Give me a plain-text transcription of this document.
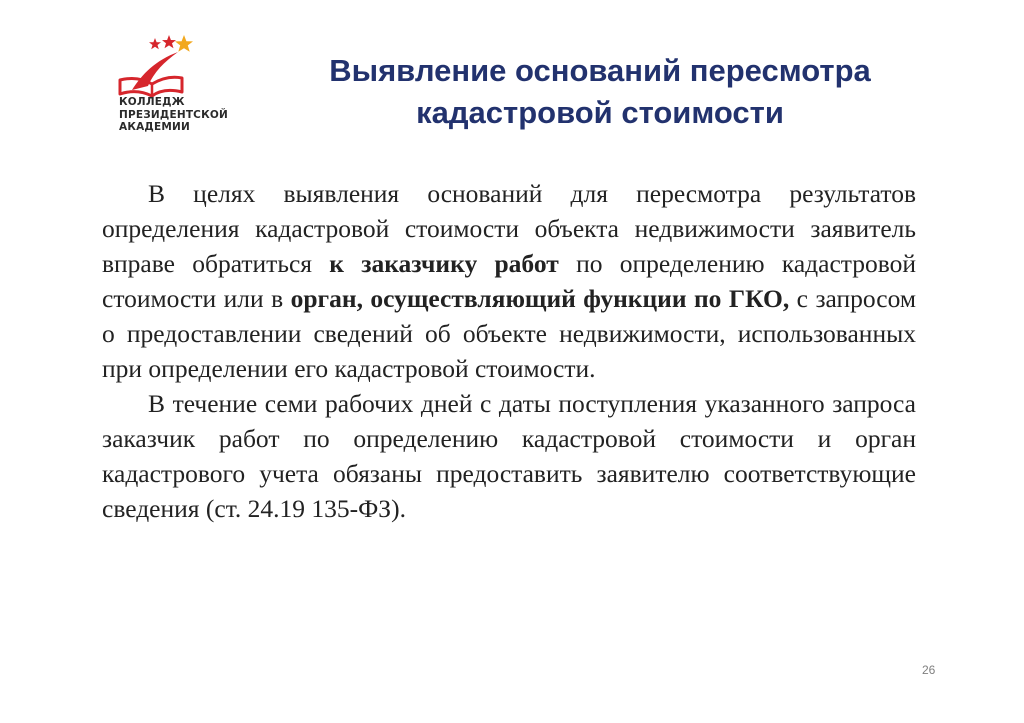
КОЛЛЕДЖ
ПРЕЗИДЕНТСКОЙ
АКАДЕМИИ
Выявление оснований пересмотра
кадастровой стоимости

В целях выявления оснований для пересмотра результатов определения кадастровой стоимости объекта недвижимости заявитель вправе обратиться к заказчику работ по определению кадастровой стоимости или в орган, осуществляющий функции по ГКО, с запросом о предоставлении сведений об объекте недвижимости, использованных при определении его кадастровой стоимости.

В течение семи рабочих дней с даты поступления указанного запроса заказчик работ по определению кадастровой стоимости и орган кадастрового учета обязаны предоставить заявителю соответствующие сведения (ст. 24.19 135-ФЗ).

26
